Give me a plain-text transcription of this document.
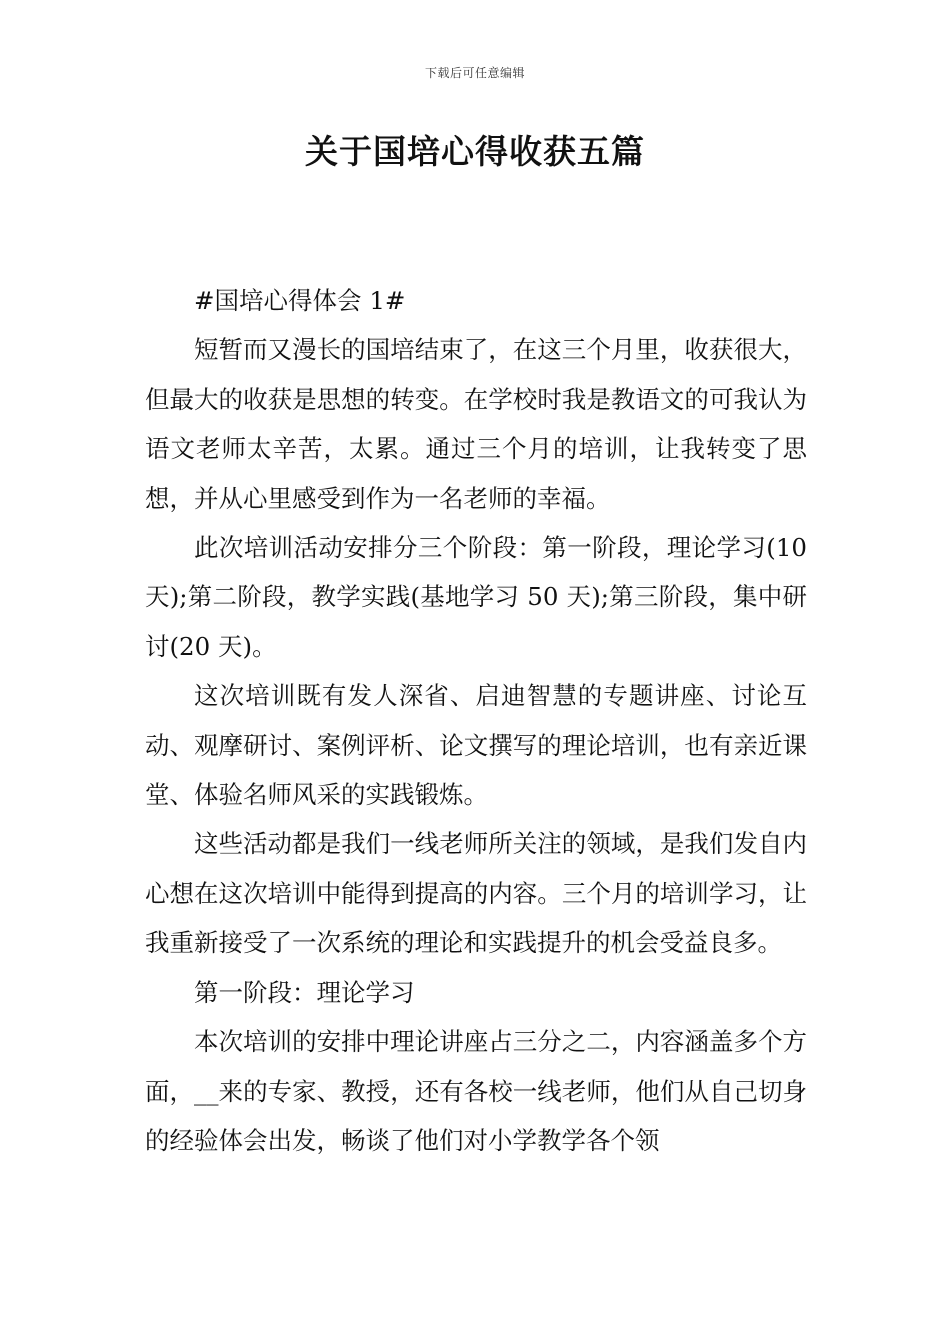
下载后可任意编辑
关于国培心得收获五篇

#国培心得体会 1#

短暂而又漫长的国培结束了，在这三个月里，收获很大，但最大的收获是思想的转变。在学校时我是教语文的可我认为语文老师太辛苦，太累。通过三个月的培训，让我转变了思想，并从心里感受到作为一名老师的幸福。

此次培训活动安排分三个阶段：第一阶段，理论学习(10 天);第二阶段，教学实践(基地学习 50 天);第三阶段，集中研讨(20 天)。

这次培训既有发人深省、启迪智慧的专题讲座、讨论互动、观摩研讨、案例评析、论文撰写的理论培训，也有亲近课堂、体验名师风采的实践锻炼。

这些活动都是我们一线老师所关注的领域，是我们发自内心想在这次培训中能得到提高的内容。三个月的培训学习，让我重新接受了一次系统的理论和实践提升的机会受益良多。

第一阶段：理论学习

本次培训的安排中理论讲座占三分之二，内容涵盖多个方面，__来的专家、教授，还有各校一线老师，他们从自己切身的经验体会出发，畅谈了他们对小学教学各个领
